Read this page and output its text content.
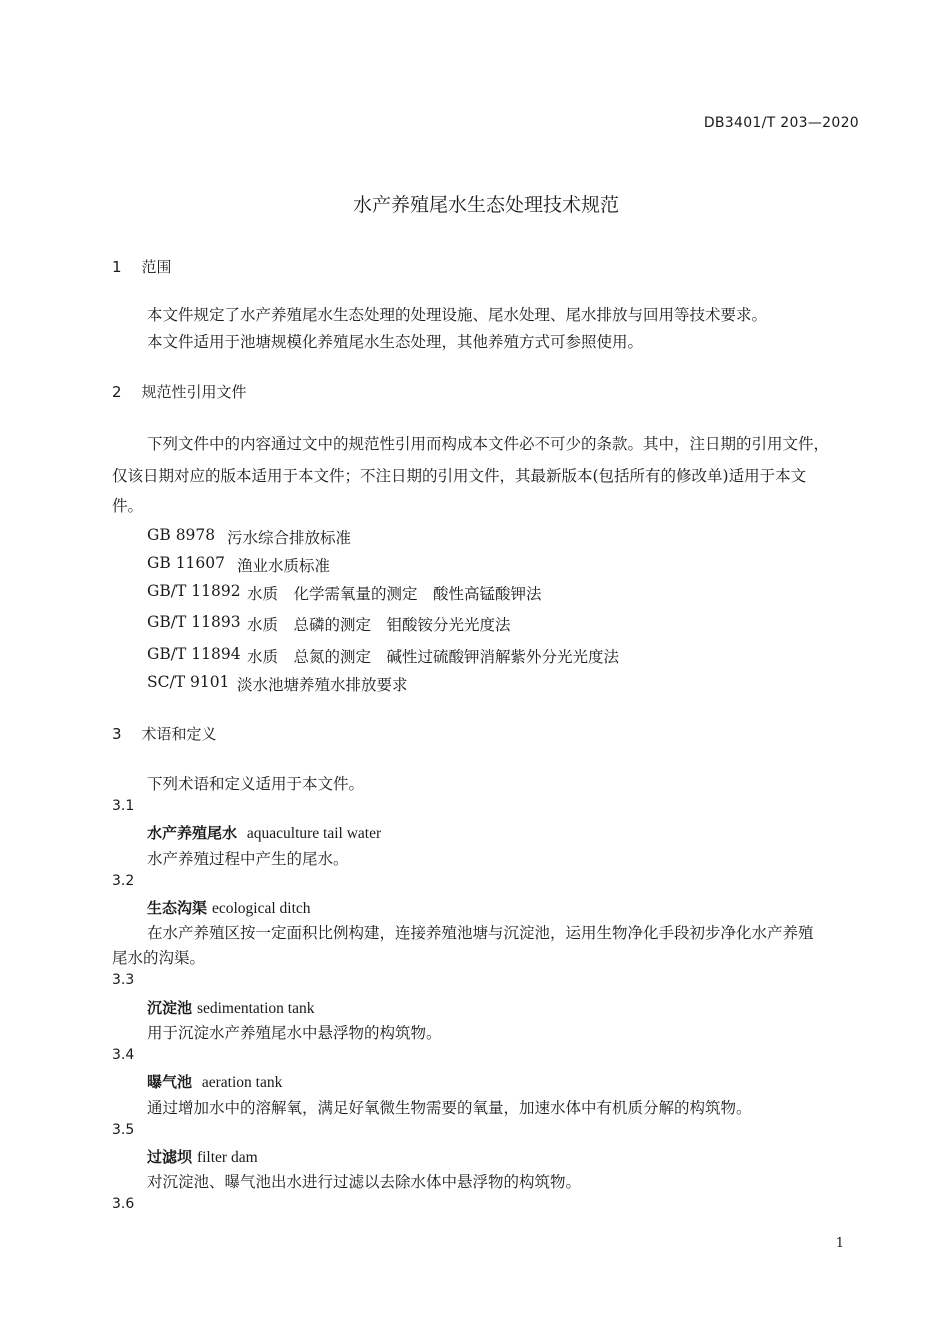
DB3401/T 203—2020
水产养殖尾水生态处理技术规范
1 范围
本文件规定了水产养殖尾水生态处理的处理设施、尾水处理、尾水排放与回用等技术要求。
本文件适用于池塘规模化养殖尾水生态处理，其他养殖方式可参照使用。
2 规范性引用文件
下列文件中的内容通过文中的规范性引用而构成本文件必不可少的条款。其中，注日期的引用文件，
仅该日期对应的版本适用于本文件；不注日期的引用文件，其最新版本(包括所有的修改单)适用于本文
件。
GB 8978 污水综合排放标准
GB 11607 渔业水质标准
GB/T 11892 水质　化学需氧量的测定　酸性高锰酸钾法
GB/T 11893 水质　总磷的测定　钼酸铵分光光度法
GB/T 11894 水质　总氮的测定　碱性过硫酸钾消解紫外分光光度法
SC/T 9101 淡水池塘养殖水排放要求
3 术语和定义
下列术语和定义适用于本文件。
3.1
水产养殖尾水 aquaculture tail water
水产养殖过程中产生的尾水。
3.2
生态沟渠 ecological ditch
在水产养殖区按一定面积比例构建，连接养殖池塘与沉淀池，运用生物净化手段初步净化水产养殖
尾水的沟渠。
3.3
沉淀池 sedimentation tank
用于沉淀水产养殖尾水中悬浮物的构筑物。
3.4
曝气池 aeration tank
通过增加水中的溶解氧，满足好氧微生物需要的氧量，加速水体中有机质分解的构筑物。
3.5
过滤坝 filter dam
对沉淀池、曝气池出水进行过滤以去除水体中悬浮物的构筑物。
3.6
1
